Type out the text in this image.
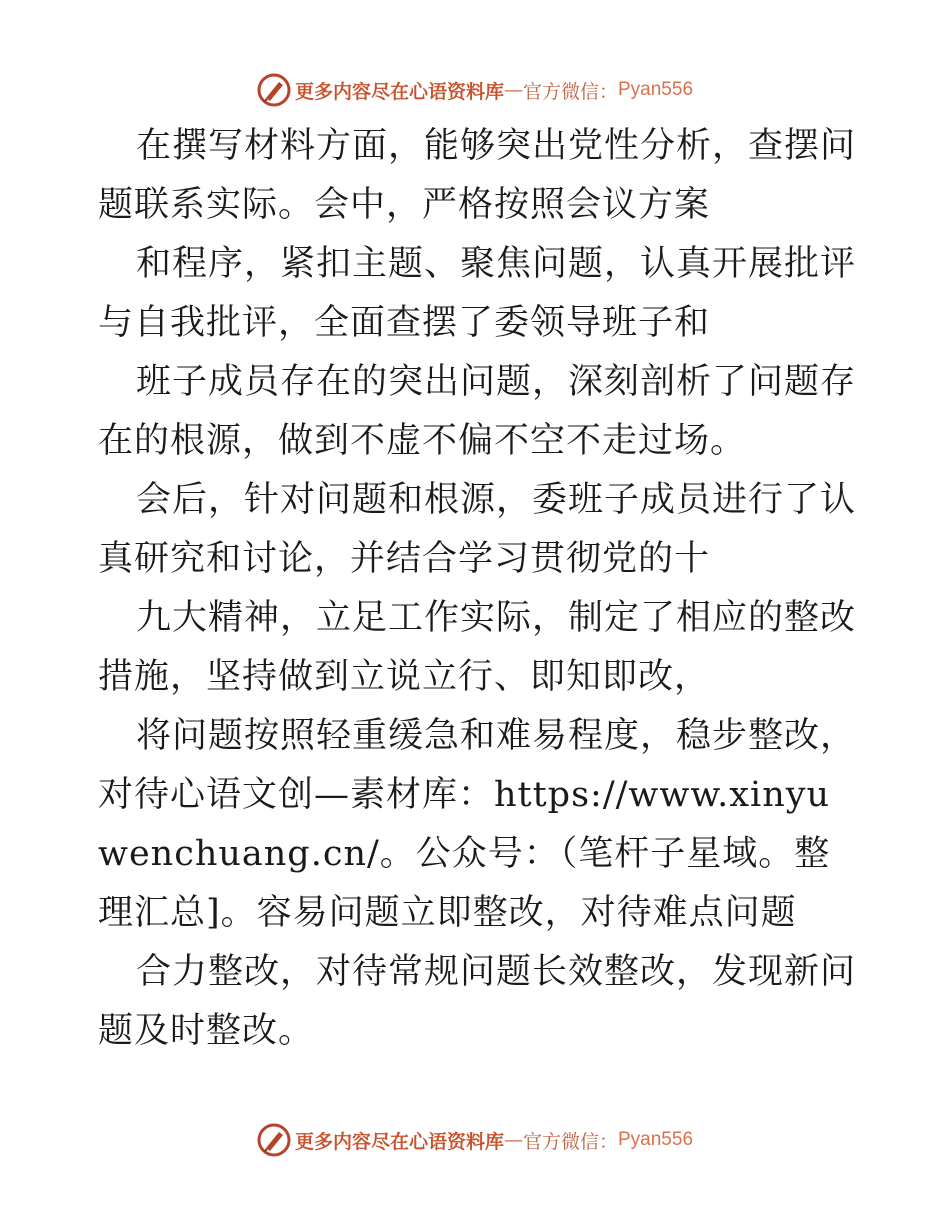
更多内容尽在心语资料库 — 官方微信： Pyan556

在撰写材料方面，能够突出党性分析，查摆问题联系实际。会中，严格按照会议方案

和程序，紧扣主题、聚焦问题，认真开展批评与自我批评，全面查摆了委领导班子和

班子成员存在的突出问题，深刻剖析了问题存在的根源，做到不虚不偏不空不走过场。

会后，针对问题和根源，委班子成员进行了认真研究和讨论，并结合学习贯彻党的十

九大精神，立足工作实际，制定了相应的整改措施，坚持做到立说立行、即知即改，

将问题按照轻重缓急和难易程度，稳步整改，对待心语文创—素材库：https://www.xinyuwenchuang.cn/。公众号：（笔杆子星域。整理汇总]。容易问题立即整改，对待难点问题

合力整改，对待常规问题长效整改，发现新问题及时整改。

更多内容尽在心语资料库 — 官方微信： Pyan556
